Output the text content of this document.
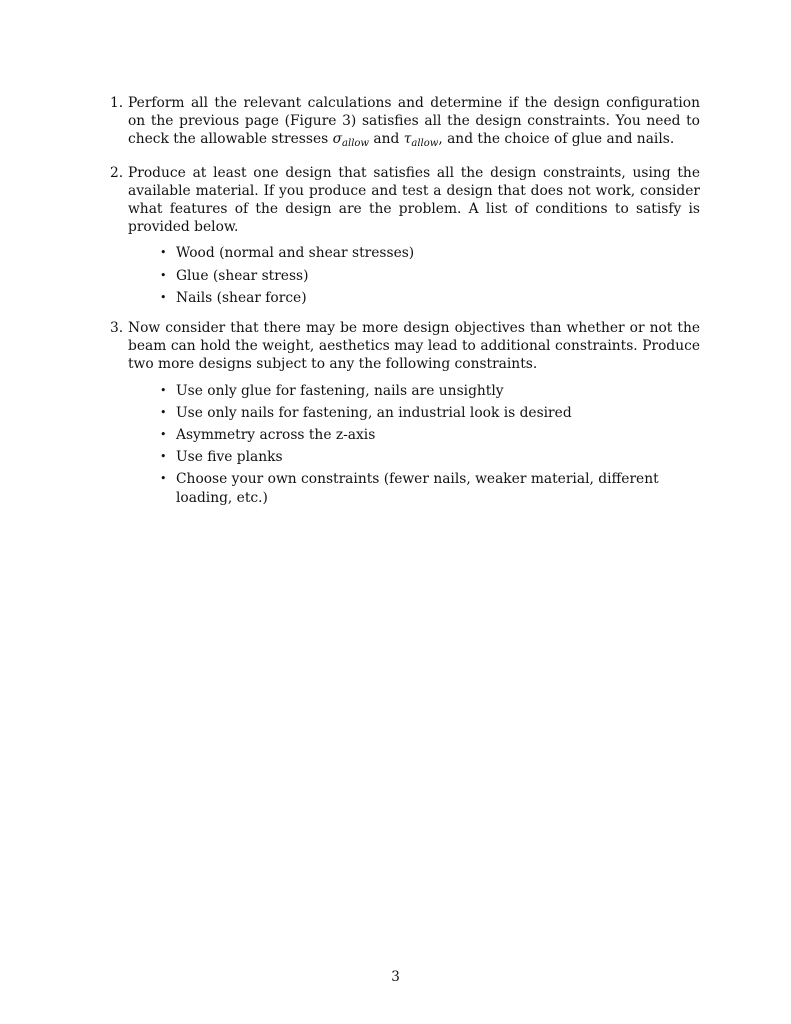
1. Perform all the relevant calculations and determine if the design configuration on the previous page (Figure 3) satisfies all the design constraints. You need to check the allowable stresses $\sigma_{allow}$ and $\tau_{allow}$, and the choice of glue and nails.
2. Produce at least one design that satisfies all the design constraints, using the available material. If you produce and test a design that does not work, consider what features of the design are the problem. A list of conditions to satisfy is provided below.
• Wood (normal and shear stresses)
• Glue (shear stress)
• Nails (shear force)
3. Now consider that there may be more design objectives than whether or not the beam can hold the weight, aesthetics may lead to additional constraints. Produce two more designs subject to any the following constraints.
• Use only glue for fastening, nails are unsightly
• Use only nails for fastening, an industrial look is desired
• Asymmetry across the z-axis
• Use five planks
• Choose your own constraints (fewer nails, weaker material, different loading, etc.)
3
